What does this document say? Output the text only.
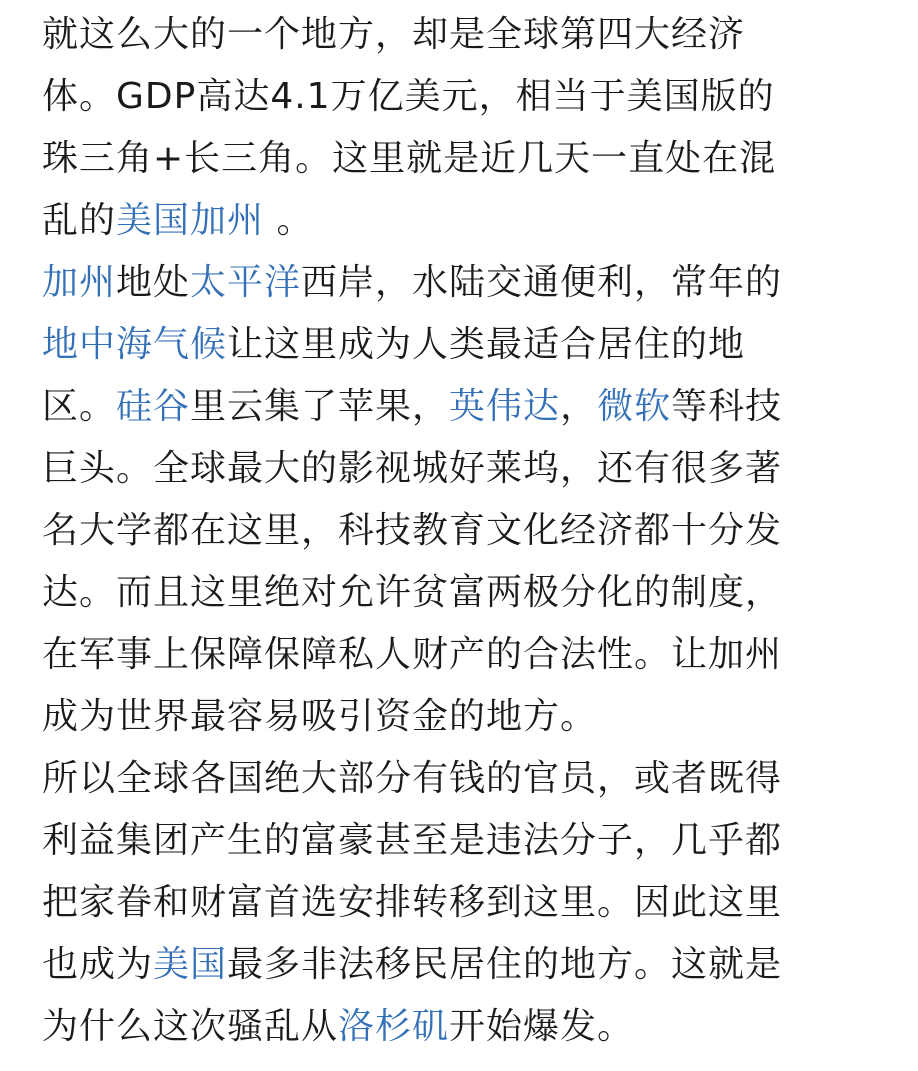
就这么大的一个地方，却是全球第四大经济
体。GDP高达4.1万亿美元，相当于美国版的
珠三角+长三角。这里就是近几天一直处在混
乱的美国加州 。
加州地处太平洋西岸，水陆交通便利，常年的
地中海气候让这里成为人类最适合居住的地
区。硅谷里云集了苹果，英伟达，微软等科技
巨头。全球最大的影视城好莱坞，还有很多著
名大学都在这里，科技教育文化经济都十分发
达。而且这里绝对允许贫富两极分化的制度，
在军事上保障保障私人财产的合法性。让加州
成为世界最容易吸引资金的地方。
所以全球各国绝大部分有钱的官员，或者既得
利益集团产生的富豪甚至是违法分子，几乎都
把家眷和财富首选安排转移到这里。因此这里
也成为美国最多非法移民居住的地方。这就是
为什么这次骚乱从洛杉矶开始爆发。
